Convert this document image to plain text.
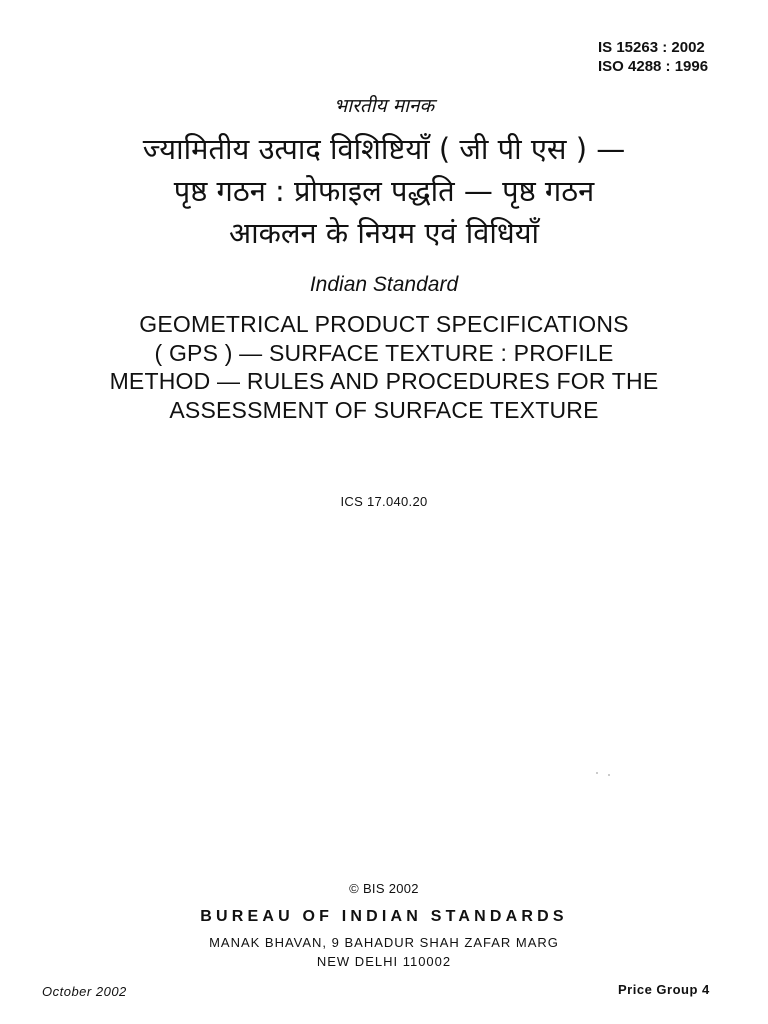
IS 15263 : 2002
ISO 4288 : 1996
भारतीय मानक
ज्यामितीय उत्पाद विशिष्टियाँ ( जी पी एस ) —
पृष्ठ गठन : प्रोफाइल पद्धति — पृष्ठ गठन
आकलन के नियम एवं विधियाँ
Indian Standard
GEOMETRICAL PRODUCT SPECIFICATIONS
( GPS ) — SURFACE TEXTURE : PROFILE
METHOD — RULES AND PROCEDURES FOR THE
ASSESSMENT OF SURFACE TEXTURE
ICS 17.040.20
© BIS 2002
BUREAU OF INDIAN STANDARDS
MANAK BHAVAN, 9 BAHADUR SHAH ZAFAR MARG
NEW DELHI 110002
October 2002	Price Group 4
